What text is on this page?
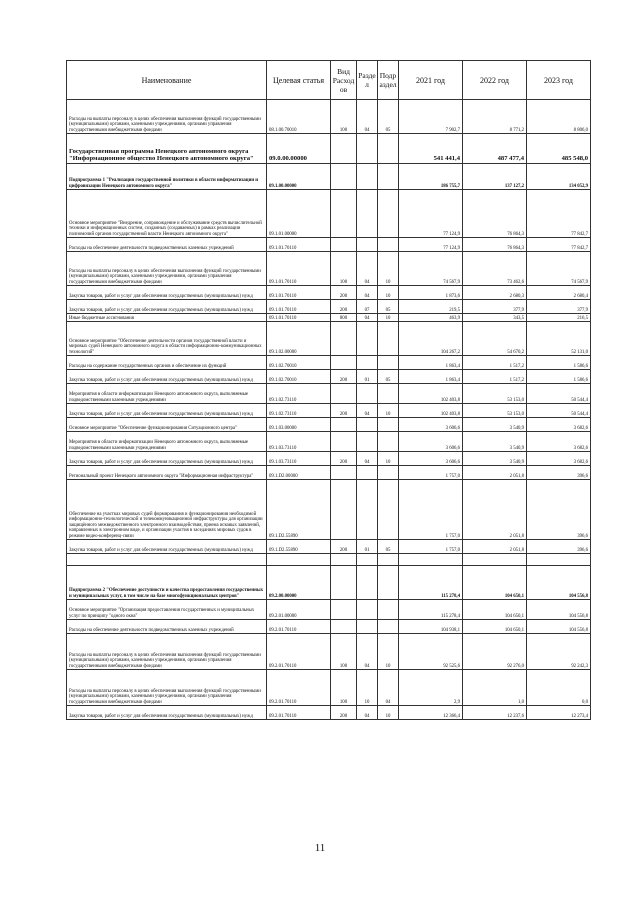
Наименование	Целевая статья	Вид Расходов	Раздел	Подраздел	2021 год	2022 год	2023 год
Расходы на выплаты персоналу в целях обеспечения выполнения функций государственными (муниципальными) органами, казенными учреждениями, органами управления государственными внебюджетными фондами	08.1.00.70010	100	04	05	7 902,7	8 771,2	8 806,0
Государственная программа Ненецкого автономного округа "Информационное общество Ненецкого автономного округа"	09.0.00.00000				541 441,4	487 477,4	485 548,0
Подпрограмма 1 "Реализация государственной политики в области информатизации и цифровизации Ненецкого автономного округа"	09.1.00.00000				186 755,7	137 127,2	134 052,9
Основное мероприятие "Внедрение, сопровождение и обслуживание средств вычислительной техники и информационных систем, созданных (создаваемых) в рамках реализации полномочий органов государственной власти Ненецкого автономного округа"	09.1.01.00000				77 124,9	76 864,3	77 842,7
Расходы на обеспечение деятельности подведомственных казенных учреждений	09.1.01.70110				77 124,9	76 864,3	77 842,7
Расходы на выплаты персоналу в целях обеспечения выполнения функций государственными (муниципальными) органами, казенными учреждениями, органами управления государственными внебюджетными фондами	09.1.01.70110	100	04	10	74 567,9	73 462,6	74 567,9
Закупка товаров, работ и услуг для обеспечения государственных (муниципальных) нужд	09.1.01.70110	200	04	10	1 873,6	2 680,3	2 680,4
Закупка товаров, работ и услуг для обеспечения государственных (муниципальных) нужд	09.1.01.70110	200	07	05	219,5	377,9	377,9
Иные бюджетные ассигнования	09.1.01.70110	800	04	10	463,9	343,5	216,5
Основное мероприятие "Обеспечение деятельности органов государственной власти и мировых судей Ненецкого автономного округа в области информационно-коммуникационных технологий"	09.1.02.00000				104 267,2	54 670,2	52 131,0
Расходы на содержание государственных органов и обеспечение их функций	09.1.02.70010				1 863,4	1 517,2	1 586,6
Закупка товаров, работ и услуг для обеспечения государственных (муниципальных) нужд	09.1.02.70010	200	01	05	1 863,4	1 517,2	1 586,6
Мероприятия в области информатизации Ненецкого автономного округа, выполняемые подведомственными казенными учреждениями	09.1.02.73110				102 403,8	53 153,0	50 544,4
Закупка товаров, работ и услуг для обеспечения государственных (муниципальных) нужд	09.1.02.73110	200	04	10	102 403,8	53 153,0	50 544,4
Основное мероприятие "Обеспечение функционирования Ситуационного центра"	09.1.03.00000				3 606,6	3 540,9	3 682,6
Мероприятия в области информатизации Ненецкого автономного округа, выполняемые подведомственными казенными учреждениями	09.1.03.73110				3 606,6	3 540,9	3 682,6
Закупка товаров, работ и услуг для обеспечения государственных (муниципальных) нужд	09.1.03.73110	200	04	10	3 606,6	3 540,9	3 682,6
Региональный проект Ненецкого автономного округа "Информационная инфраструктура"	09.1.D2.00000				1 757,0	2 051,8	396,6
Обеспечение на участках мировых судей формирования и функционирования необходимой информационно-технологической и телекоммуникационной инфраструктуры для организации защищённого межведомственного электронного взаимодействия, приема исковых заявлений, направленных в электронном виде, и организации участия в заседаниях мировых судов в режиме видео-конференц-связи	09.1.D2.55890				1 757,0	2 051,8	396,6
Закупка товаров, работ и услуг для обеспечения государственных (муниципальных) нужд	09.1.D2.55890	200	01	05	1 757,0	2 051,8	396,6

Подпрограмма 2 "Обеспечение доступности и качества предоставления государственных и муниципальных услуг, в том числе на базе многофункциональных центров"	09.2.00.00000				115 278,4	104 650,1	104 556,8
Основное мероприятие "Организация предоставления государственных и муниципальных услуг по принципу "одного окна"	09.2.01.00000				115 278,4	104 650,1	104 556,8
Расходы на обеспечение деятельности подведомственных казенных учреждений	09.2.01.70110				104 938,1	104 650,1	104 556,8
Расходы на выплаты персоналу в целях обеспечения выполнения функций государственными (муниципальными) органами, казенными учреждениями, органами управления государственными внебюджетными фондами	09.2.01.70110	100	04	10	92 525,6	92 276,0	92 242,3
Расходы на выплаты персоналу в целях обеспечения выполнения функций государственными (муниципальными) органами, казенными учреждениями, органами управления государственными внебюджетными фондами	09.2.01.70110	100	10	04	2,9	1,0	0,0
Закупка товаров, работ и услуг для обеспечения государственных (муниципальных) нужд	09.2.01.70110	200	04	10	12 366,4	12 237,6	12 273,4
11
